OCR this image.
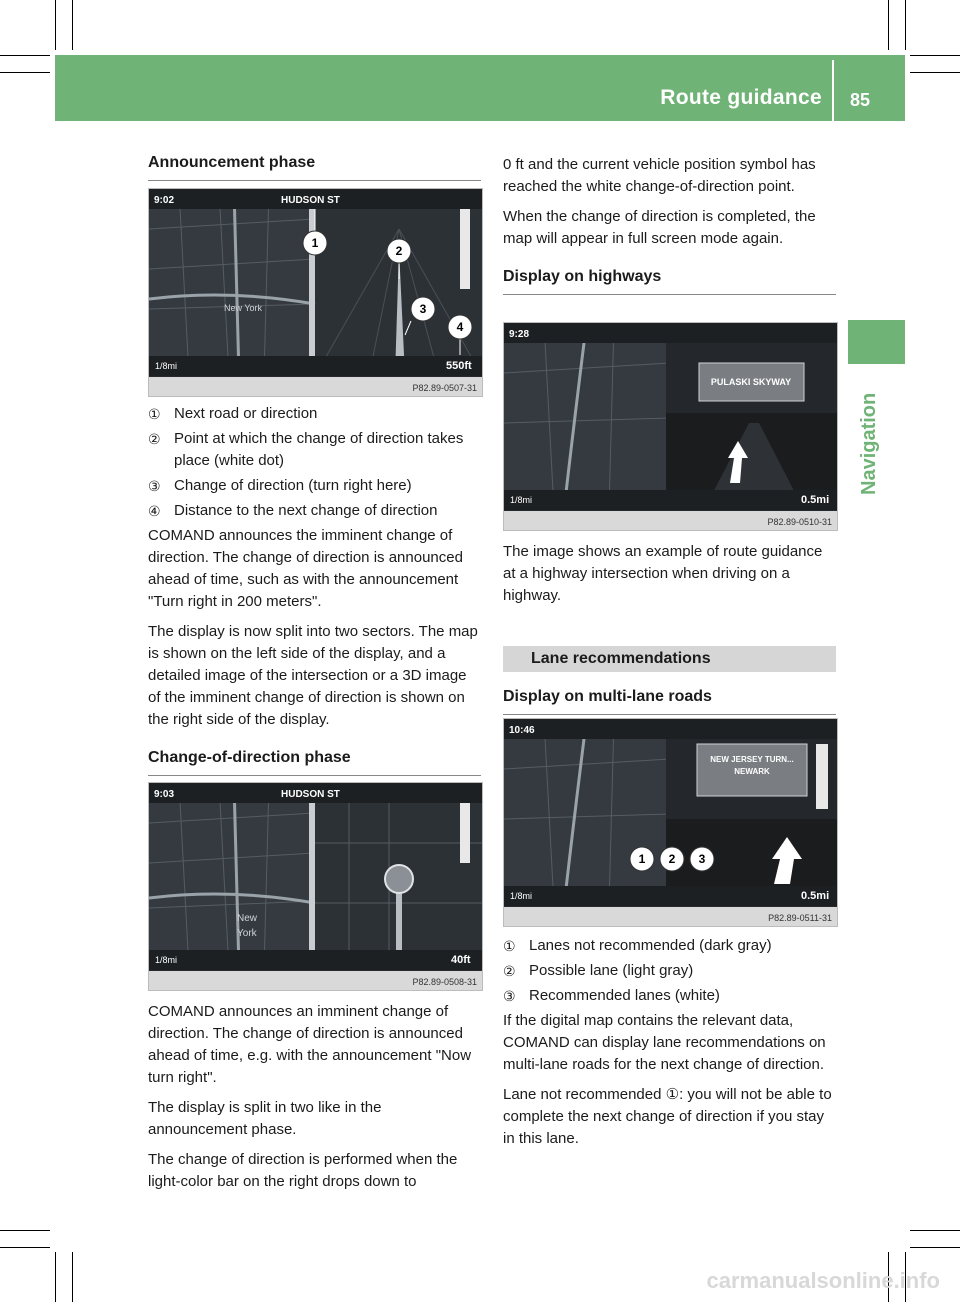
Route guidance 85
Navigation
Announcement phase
9:02	HUDSON ST
New York
1/8mi	550ft
1
2
3
4
P82.89-0507-31
① Next road or direction
② Point at which the change of direction takes place (white dot)
③ Change of direction (turn right here)
④ Distance to the next change of direction

COMAND announces the imminent change of direction. The change of direction is announced ahead of time, such as with the announcement "Turn right in 200 meters".

The display is now split into two sectors. The map is shown on the left side of the display, and a detailed image of the intersection or a 3D image of the imminent change of direction is shown on the right side of the display.

Change-of-direction phase
9:03	HUDSON ST
New
York
1/8mi	40ft
P82.89-0508-31

COMAND announces an imminent change of direction. The change of direction is announced ahead of time, e.g. with the announcement "Now turn right".

The display is split in two like in the announcement phase.

The change of direction is performed when the light-color bar on the right drops down to

0 ft and the current vehicle position symbol has reached the white change-of-direction point.

When the change of direction is completed, the map will appear in full screen mode again.

Display on highways
PULASKI SKYWAY
9:28
1/8mi	0.5mi
P82.89-0510-31

The image shows an example of route guidance at a highway intersection when driving on a highway.

Lane recommendations
Display on multi-lane roads
NEW JERSEY TURN...
NEWARK
1 2 3
10:46
1/8mi	0.5mi
P82.89-0511-31
① Lanes not recommended (dark gray)
② Possible lane (light gray)
③ Recommended lanes (white)

If the digital map contains the relevant data, COMAND can display lane recommendations on multi-lane roads for the next change of direction.

Lane not recommended ①: you will not be able to complete the next change of direction if you stay in this lane.

carmanualsonline.info
